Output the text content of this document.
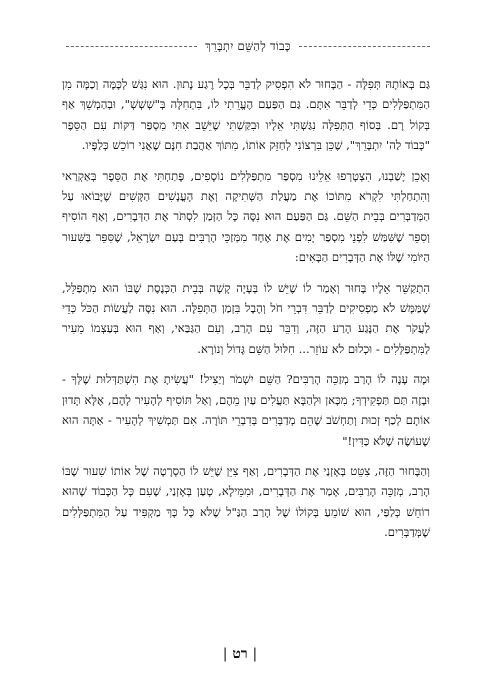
כָּבוֹד לְהַשֵּׁם יִתְבָּרֵךְ

גַּם בְּאוֹתָהּ תְּפִלָּה - הַבָּחוּר לֹא הִפְסִיק לְדַבֵּר בְּכָל רֶגַע נָתוּן. הוּא נִגַּשׁ לְכָּמָּה וְכַמָּה מִן הַמִּתְפַּלְּלִים כְּדֵי לְדַבֵּר אִתָּם. גַּם הַפַּעַם הֶעֱרֵתִי לוֹ, בִּתְחִלָּה בְּ"שְׁשְׁשְׁ", וּבְהַמְשֵׁךְ אַף בְּקוֹל רָם. בְּסוֹף הַתְּפִלָּה נִגַּשְׁתִּי אֵלָיו וּבִקַּשְׁתִּי שֶׁיֵּשֵׁב אִתִּי מִסְפַּר דַּקּוֹת עִם הַסֵּפֶר "כָּבוֹד לַה' יִתְבָּרֵךְ", שֶׁכֵּן בִּרְצוֹנִי לְחַזֵּק אוֹתוֹ, מִתּוֹךְ אַהֲבַת חִנָּם שֶׁאֲנִי רוֹכֵשׁ כְּלַפָּיו.

וְאָכֵן יָשַׁבְנוּ, הִצְטָרְפוּ אֵלֵינוּ מִסְפַּר מִתְפַּלְּלִים נוֹסָפִים, פָּתַחְתִּי אֶת הַסֵּפֶר בְּאַקְרַאי וְהִתְחַלְתִּי לִקְרֹא מִתּוֹכוֹ אֶת מַעֲלַת הַשְּׁתִיקָה וְאֶת הָעֳנָשִׁים הַקָּשִׁים שֶׁיָּבוֹאוּ עַל הַמְּדַבְּרִים בְּבֵית הַשֵּׁם. גַּם הַפַּעַם הוּא נִסָּה כָּל הַזְּמַן לִסְתֹּר אֶת הַדְּבָרִים, וְאַף הוֹסִיף וְסִפֵּר שֶׁשִּׁמַּשׁ לִפְנֵי מִסְפַּר יָמִים אֶת אֶחָד מִמְּזַכֵּי הָרַבִּים בְּעַם יִשְׂרָאֵל, שֶׁסִּפֵּר בַּשִּׁעוּר הַיּוֹמִי שֶׁלּוֹ אֶת הַדְּבָרִים הַבָּאִים:

הִתְקַשֵּׁר אֵלָיו בָּחוּר וְאָמַר לוֹ שֶׁיֵּשׁ לוֹ בְּעָיָה קָשָׁה בְּבֵית הַכְּנֶסֶת שֶׁבּוֹ הוּא מִתְפַּלֵּל, שֶׁמַּמָּשׁ לֹא מַפְסִיקִים לְדַבֵּר דִּבְרֵי חֹל וְהֶבֶל בִּזְמַן הַתְּפִלָּה. הוּא נִסָּה לַעֲשׂוֹת הַכֹּל כְּדֵי לַעֲקֹר אֶת הַנֶּגַע הָרַע הַזֶּה, וְדִבֵּר עִם הָרַב, וְעִם הַגַּבַּאי, וְאַף הוּא בְּעַצְמוֹ מֵעִיר לַמִּתְפַּלְּלִים - וּכְלוּם לֹא עוֹזֵר... חִלּוּל הַשֵּׁם גָּדוֹל וְנוֹרָא.

וּמָה עָנָה לוֹ הָרַב מְזַכֵּה הָרַבִּים? הַשֵּׁם יִשְׁמֹר וְיַצִּיל! "עֲשִׂיתָ אֶת הִשְׁתַּדְּלוּת שֶׁלְּךָ - וּבָזֶה תַּם תַּפְקִידְךָ; מִכָּאן וּלְהַבָּא תַּעֲלִים עַיִן מֵהֶם, וְאַל תּוֹסִיף לְהָעִיר לָהֶם, אֶלָּא תָּדוּן אוֹתָם לְכַף זְכוּת וְתַחְשֹׁב שֶׁהֵם מְדַבְּרִים בְּדִבְרֵי תּוֹרָה. אִם תַּמְשִׁיךְ לְהָעִיר - אַתָּה הוּא שֶׁעוֹשֶׂה שֶׁלֹּא כַּדִּין!"

וְהַבָּחוּר הַזֶּה, צִטֵּט בְּאָזְנַי אֶת הַדְּבָרִים, וְאַף צִיֵּן שֶׁיֵּשׁ לוֹ הַסְרָטָה שֶׁל אוֹתוֹ שִׁעוּר שֶׁבּוֹ הָרַב, מְזַכֵּה הָרַבִּים, אָמַר אֶת הַדְּבָרִים, וּמִמֵּילָא, טָעַן בְּאָזְנַי, שֶׁעִם כָּל הַכָּבוֹד שֶׁהוּא רוֹחֵשׁ כְּלַפַּי, הוּא שׁוֹמֵעַ בְּקוֹלוֹ שֶׁל הָרַב הַנַּ"ל שֶׁלֹּא כָּל כָּךְ מַקְפִּיד עַל הַמִּתְפַּלְּלִים שֶׁמְּדַבְּרִים.

| רט |
